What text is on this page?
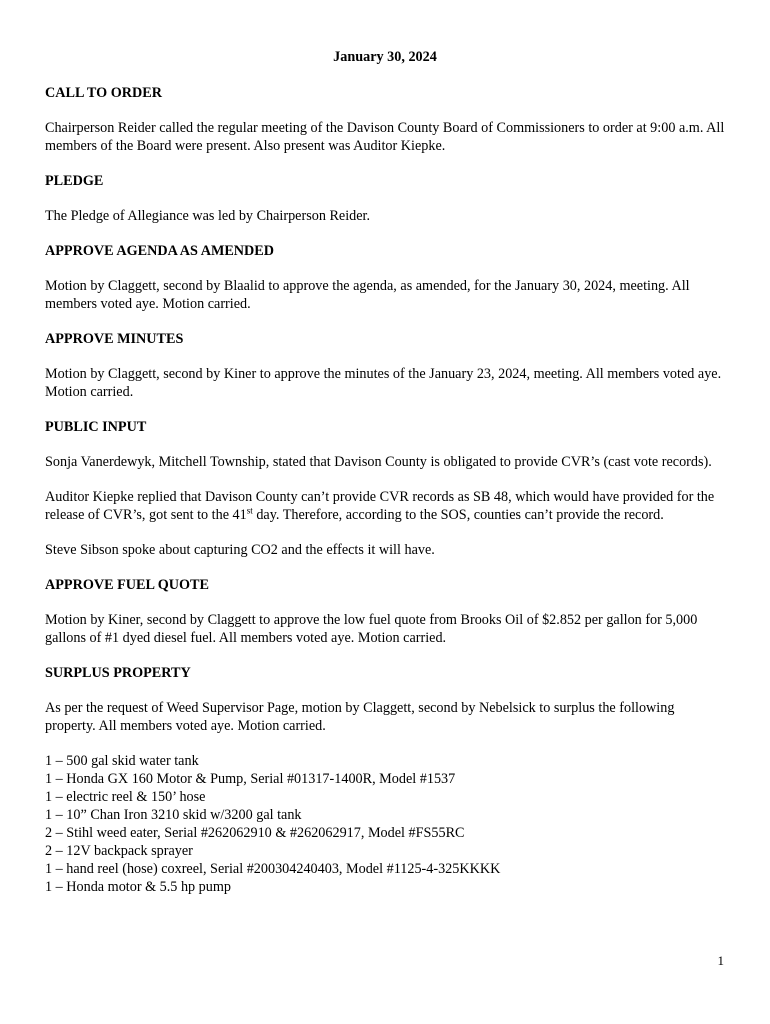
January 30, 2024
CALL TO ORDER

Chairperson Reider called the regular meeting of the Davison County Board of Commissioners to order at 9:00 a.m. All members of the Board were present. Also present was Auditor Kiepke.

PLEDGE

The Pledge of Allegiance was led by Chairperson Reider.

APPROVE AGENDA AS AMENDED

Motion by Claggett, second by Blaalid to approve the agenda, as amended, for the January 30, 2024, meeting. All members voted aye. Motion carried.

APPROVE MINUTES

Motion by Claggett, second by Kiner to approve the minutes of the January 23, 2024, meeting. All members voted aye. Motion carried.

PUBLIC INPUT

Sonja Vanerdewyk, Mitchell Township, stated that Davison County is obligated to provide CVR’s (cast vote records).

Auditor Kiepke replied that Davison County can’t provide CVR records as SB 48, which would have provided for the release of CVR’s, got sent to the 41st day. Therefore, according to the SOS, counties can’t provide the record.

Steve Sibson spoke about capturing CO2 and the effects it will have.

APPROVE FUEL QUOTE

Motion by Kiner, second by Claggett to approve the low fuel quote from Brooks Oil of $2.852 per gallon for 5,000 gallons of #1 dyed diesel fuel. All members voted aye. Motion carried.

SURPLUS PROPERTY

As per the request of Weed Supervisor Page, motion by Claggett, second by Nebelsick to surplus the following property. All members voted aye. Motion carried.

1 – 500 gal skid water tank
1 – Honda GX 160 Motor & Pump, Serial #01317-1400R, Model #1537
1 – electric reel & 150’ hose
1 – 10” Chan Iron 3210 skid w/3200 gal tank
2 – Stihl weed eater, Serial #262062910 & #262062917, Model #FS55RC
2 – 12V backpack sprayer
1 – hand reel (hose) coxreel, Serial #200304240403, Model #1125-4-325KKKK
1 – Honda motor & 5.5 hp pump
1
